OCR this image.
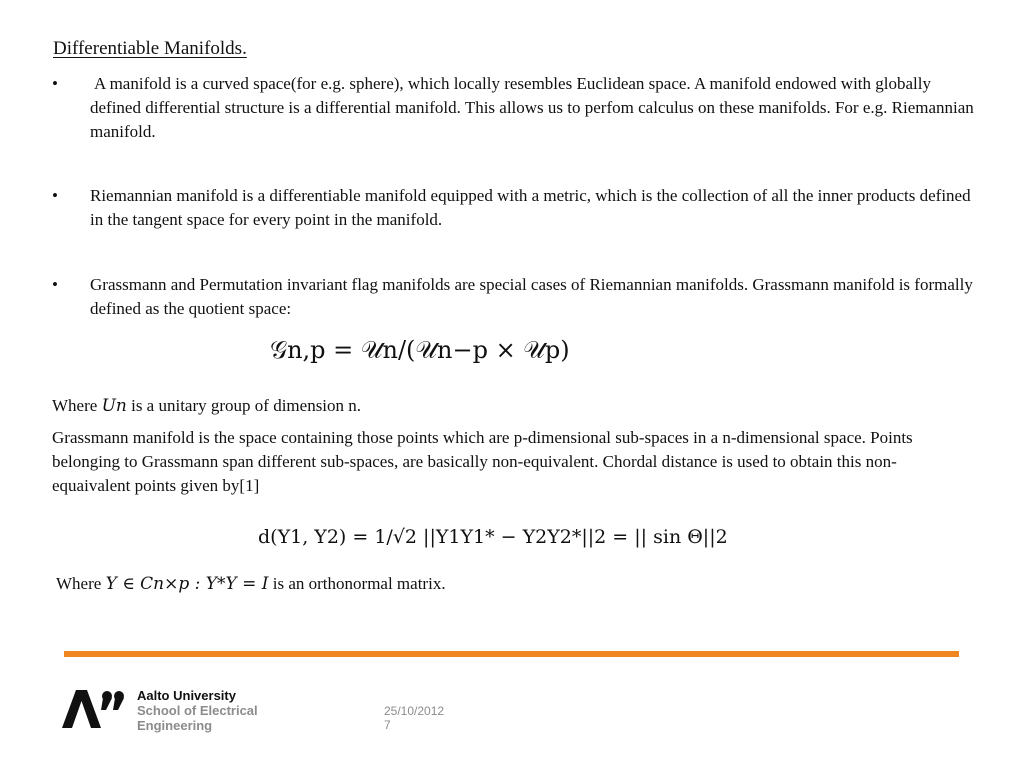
Differentiable Manifolds.
• A manifold is a curved space(for e.g. sphere), which locally resembles Euclidean space. A manifold endowed with globally defined differential structure is a differential manifold. This allows us to perfom calculus on these manifolds. For e.g. Riemannian manifold.
• Riemannian manifold is a differentiable manifold equipped with a metric, which is the collection of all the inner products defined in the tangent space for every point in the manifold.
• Grassmann and Permutation invariant flag manifolds are special cases of Riemannian manifolds. Grassmann manifold is formally defined as the quotient space:
𝒢n,p = 𝒰n/(𝒰n−p × 𝒰p)
Where Un is a unitary group of dimension n.
Grassmann manifold is the space containing those points which are p-dimensional sub-spaces in a n-dimensional space. Points belonging to Grassmann span different sub-spaces, are basically non-equivalent. Chordal distance is used to obtain this non-equaivalent points given by[1]
d(Y1, Y2) = 1/√2 ||Y1Y1* − Y2Y2*||2 = || sin Θ||2
Where Y ∈ Cn×p : Y*Y = I is an orthonormal matrix.
Aalto University
School of Electrical
Engineering
25/10/2012
7
